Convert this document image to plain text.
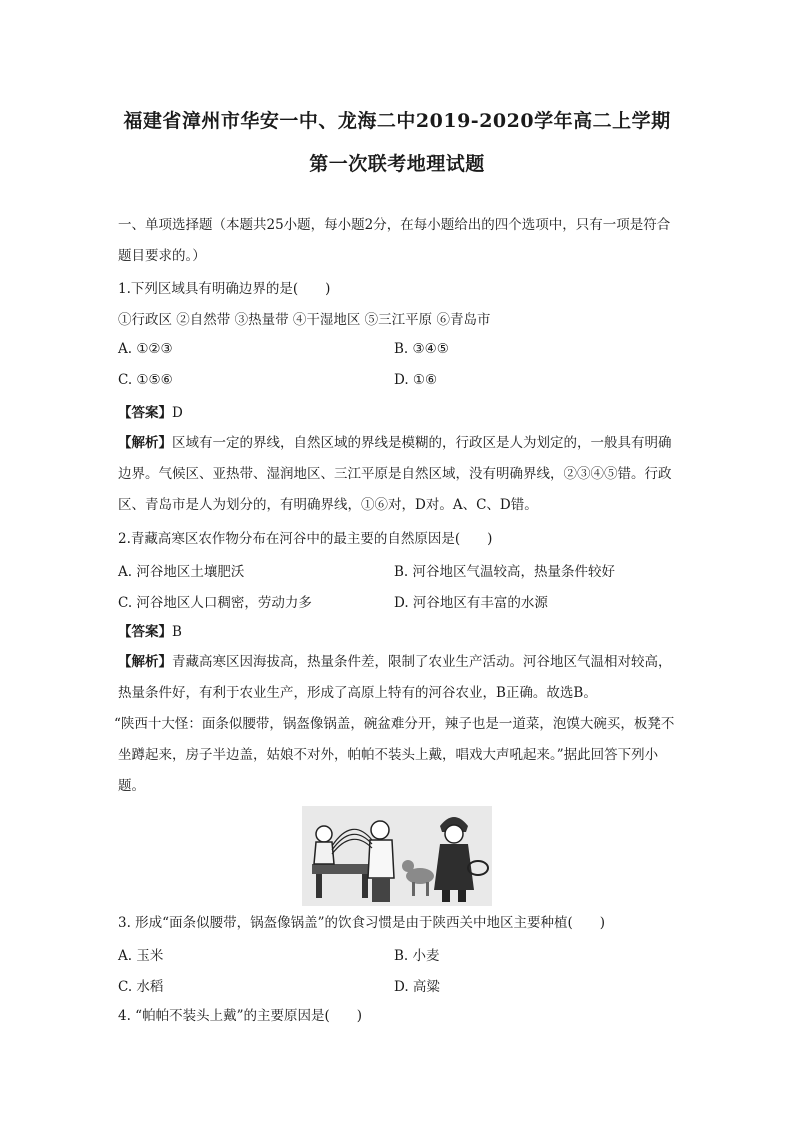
福建省漳州市华安一中、龙海二中2019-2020学年高二上学期
第一次联考地理试题
一、单项选择题（本题共25小题，每小题2分，在每小题给出的四个选项中，只有一项是符合题目要求的。）
1.下列区域具有明确边界的是(　　)
①行政区 ②自然带 ③热量带 ④干湿地区 ⑤三江平原 ⑥青岛市
A. ①②③	B. ③④⑤
C. ①⑤⑥	D. ①⑥
【答案】D
【解析】区域有一定的界线，自然区域的界线是模糊的，行政区是人为划定的，一般具有明确边界。气候区、亚热带、湿润地区、三江平原是自然区域，没有明确界线，②③④⑤错。行政区、青岛市是人为划分的，有明确界线，①⑥对，D对。A、C、D错。
2.青藏高寒区农作物分布在河谷中的最主要的自然原因是(　　)
A. 河谷地区土壤肥沃	B. 河谷地区气温较高，热量条件较好
C. 河谷地区人口稠密，劳动力多	D. 河谷地区有丰富的水源
【答案】B
【解析】青藏高寒区因海拔高，热量条件差，限制了农业生产活动。河谷地区气温相对较高，热量条件好，有利于农业生产，形成了高原上特有的河谷农业，B正确。故选B。
“陕西十大怪：面条似腰带，锅盔像锅盖，碗盆难分开，辣子也是一道菜，泡馍大碗买，板凳不坐蹲起来，房子半边盖，姑娘不对外，帕帕不装头上戴，唱戏大声吼起来。”据此回答下列小题。
3. 形成“面条似腰带，锅盔像锅盖”的饮食习惯是由于陕西关中地区主要种植(　　)
A. 玉米	B. 小麦
C. 水稻	D. 高粱
4. “帕帕不装头上戴”的主要原因是(　　)
